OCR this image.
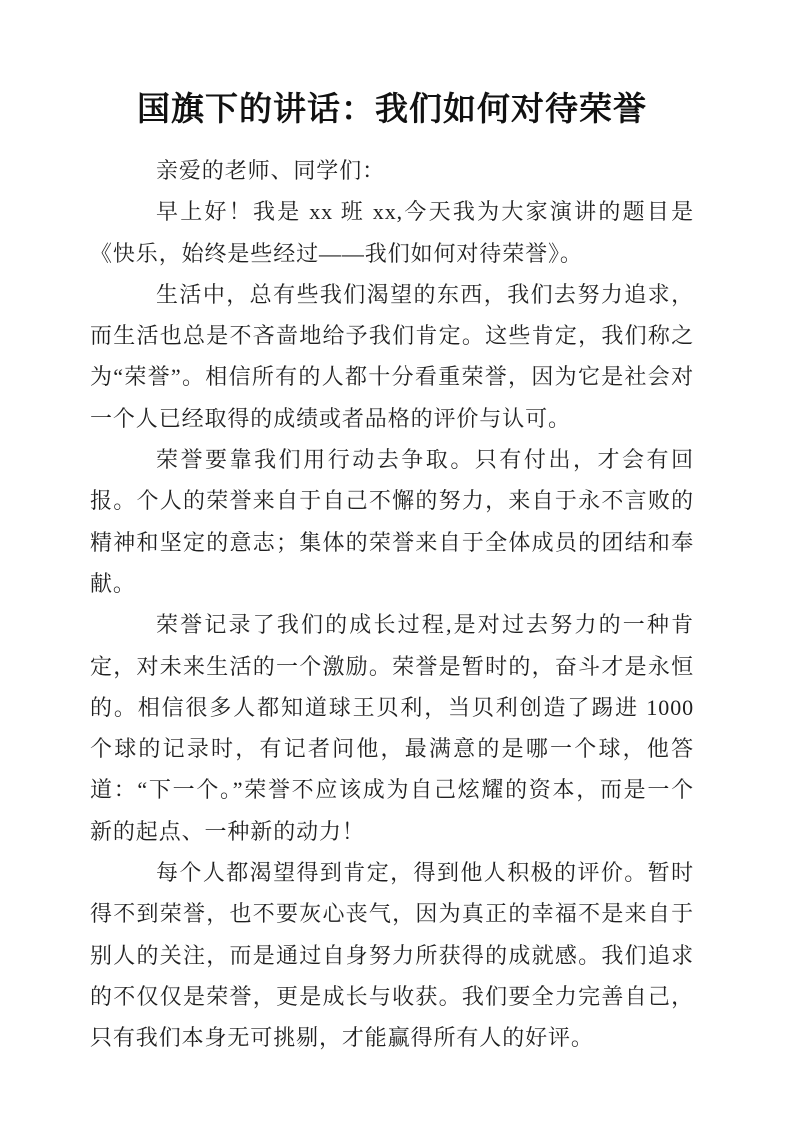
国旗下的讲话：我们如何对待荣誉

亲爱的老师、同学们：

早上好！我是 xx 班 xx,今天我为大家演讲的题目是《快乐，始终是些经过——我们如何对待荣誉》。

生活中，总有些我们渴望的东西，我们去努力追求，而生活也总是不吝啬地给予我们肯定。这些肯定，我们称之为“荣誉”。相信所有的人都十分看重荣誉，因为它是社会对一个人已经取得的成绩或者品格的评价与认可。

荣誉要靠我们用行动去争取。只有付出，才会有回报。个人的荣誉来自于自己不懈的努力，来自于永不言败的精神和坚定的意志；集体的荣誉来自于全体成员的团结和奉献。

荣誉记录了我们的成长过程,是对过去努力的一种肯定，对未来生活的一个激励。荣誉是暂时的，奋斗才是永恒的。相信很多人都知道球王贝利，当贝利创造了踢进 1000 个球的记录时，有记者问他，最满意的是哪一个球，他答道：“下一个。”荣誉不应该成为自己炫耀的资本，而是一个新的起点、一种新的动力！

每个人都渴望得到肯定，得到他人积极的评价。暂时得不到荣誉，也不要灰心丧气，因为真正的幸福不是来自于别人的关注，而是通过自身努力所获得的成就感。我们追求的不仅仅是荣誉，更是成长与收获。我们要全力完善自己，只有我们本身无可挑剔，才能赢得所有人的好评。
